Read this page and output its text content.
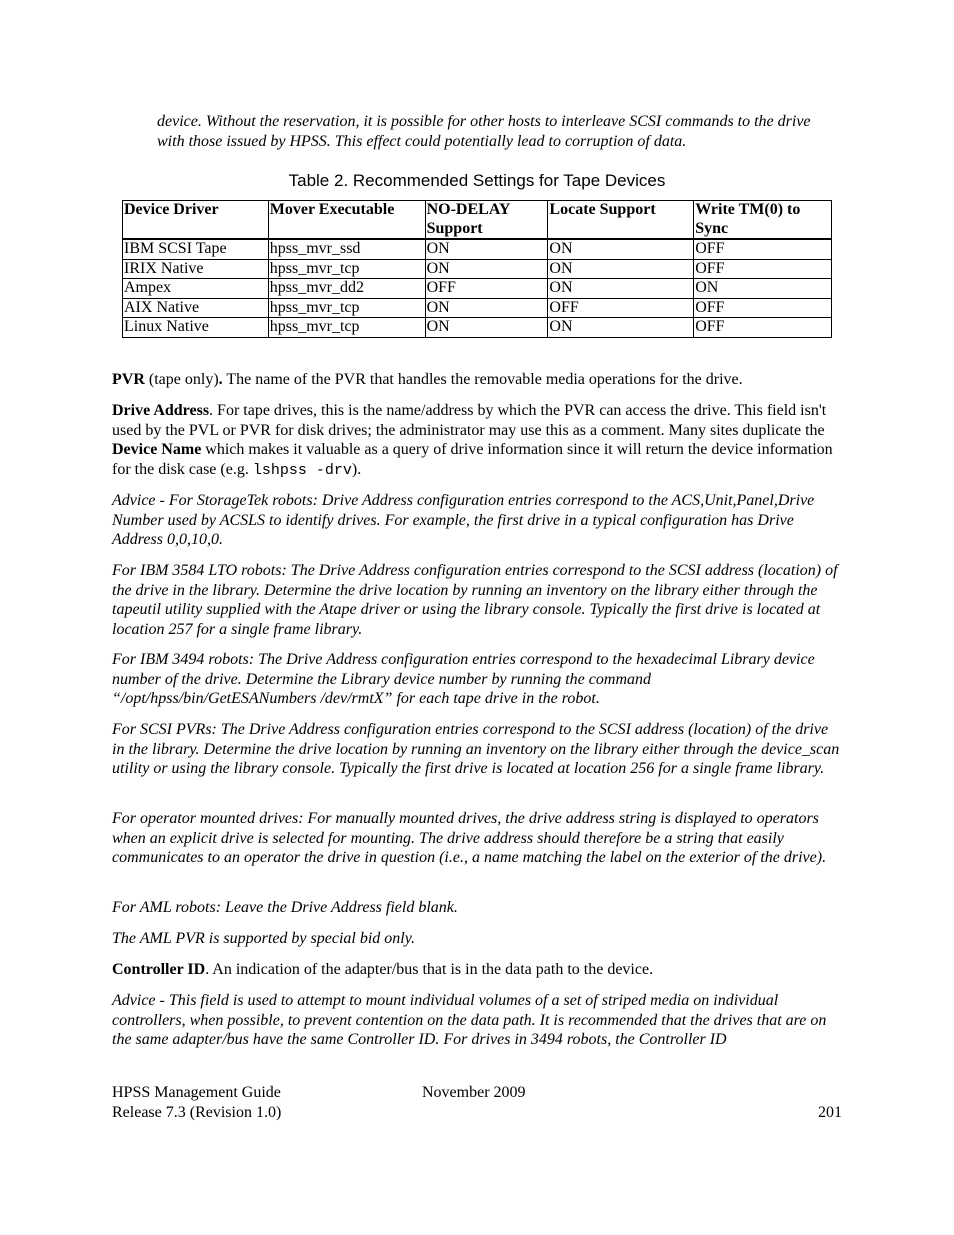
device. Without the reservation, it is possible for other hosts to interleave SCSI commands to the drive with those issued by HPSS. This effect could potentially lead to corruption of data.

Table 2. Recommended Settings for Tape Devices
Device Driver	Mover Executable	NO-DELAY Support	Locate Support	Write TM(0) to Sync
IBM SCSI Tape	hpss_mvr_ssd	ON	ON	OFF
IRIX Native	hpss_mvr_tcp	ON	ON	OFF
Ampex	hpss_mvr_dd2	OFF	ON	ON
AIX Native	hpss_mvr_tcp	ON	OFF	OFF
Linux Native	hpss_mvr_tcp	ON	ON	OFF

PVR (tape only). The name of the PVR that handles the removable media operations for the drive.

Drive Address. For tape drives, this is the name/address by which the PVR can access the drive. This field isn't used by the PVL or PVR for disk drives; the administrator may use this as a comment. Many sites duplicate the Device Name which makes it valuable as a query of drive information since it will return the device information for the disk case (e.g. lshpss -drv).

Advice - For StorageTek robots: Drive Address configuration entries correspond to the ACS,Unit,Panel,Drive Number used by ACSLS to identify drives. For example, the first drive in a typical configuration has Drive Address 0,0,10,0.

For IBM 3584 LTO robots: The Drive Address configuration entries correspond to the SCSI address (location) of the drive in the library. Determine the drive location by running an inventory on the library either through the tapeutil utility supplied with the Atape driver or using the library console. Typically the first drive is located at location 257 for a single frame library.

For IBM 3494 robots: The Drive Address configuration entries correspond to the hexadecimal Library device number of the drive. Determine the Library device number by running the command “/opt/hpss/bin/GetESANumbers /dev/rmtX” for each tape drive in the robot.

For SCSI PVRs: The Drive Address configuration entries correspond to the SCSI address (location) of the drive in the library. Determine the drive location by running an inventory on the library either through the device_scan utility or using the library console. Typically the first drive is located at location 256 for a single frame library.

For operator mounted drives: For manually mounted drives, the drive address string is displayed to operators when an explicit drive is selected for mounting. The drive address should therefore be a string that easily communicates to an operator the drive in question (i.e., a name matching the label on the exterior of the drive).

For AML robots: Leave the Drive Address field blank.

The AML PVR is supported by special bid only.

Controller ID. An indication of the adapter/bus that is in the data path to the device.

Advice - This field is used to attempt to mount individual volumes of a set of striped media on individual controllers, when possible, to prevent contention on the data path. It is recommended that the drives that are on the same adapter/bus have the same Controller ID. For drives in 3494 robots, the Controller ID

HPSS Management Guide
Release 7.3 (Revision 1.0)
November 2009
201
